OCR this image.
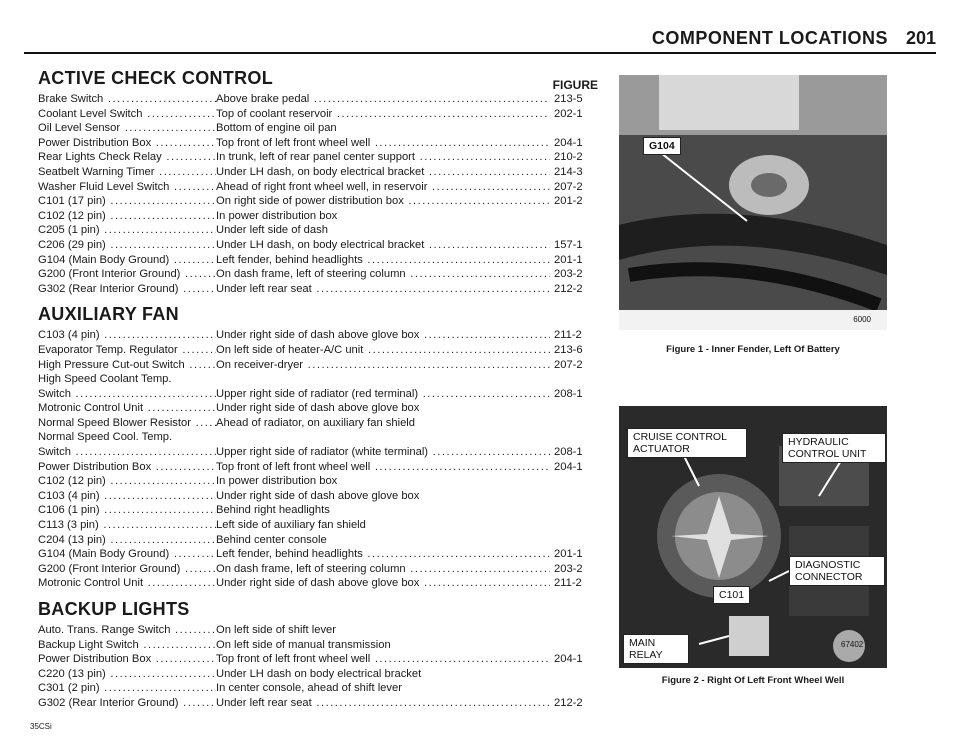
COMPONENT LOCATIONS 201
FIGURE
ACTIVE CHECK CONTROL
Brake Switch .....	Above brake pedal .....	213-5
Coolant Level Switch .....	Top of coolant reservoir .....	202-1
Oil Level Sensor .....	Bottom of engine oil pan
Power Distribution Box .....	Top front of left front wheel well .....	204-1
Rear Lights Check Relay .....	In trunk, left of rear panel center support .....	210-2
Seatbelt Warning Timer .....	Under LH dash, on body electrical bracket .....	214-3
Washer Fluid Level Switch .....	Ahead of right front wheel well, in reservoir .....	207-2
C101 (17 pin) .....	On right side of power distribution box .....	201-2
C102 (12 pin) .....	In power distribution box
C205 (1 pin) .....	Under left side of dash
C206 (29 pin) .....	Under LH dash, on body electrical bracket .....	157-1
G104 (Main Body Ground) .....	Left fender, behind headlights .....	201-1
G200 (Front Interior Ground) .....	On dash frame, left of steering column .....	203-2
G302 (Rear Interior Ground) .....	Under left rear seat .....	212-2
AUXILIARY FAN
C103 (4 pin) .....	Under right side of dash above glove box .....	211-2
Evaporator Temp. Regulator .....	On left side of heater-A/C unit .....	213-6
High Pressure Cut-out Switch .....	On receiver-dryer .....	207-2
High Speed Coolant Temp.
Switch .....	Upper right side of radiator (red terminal) .....	208-1
Motronic Control Unit .....	Under right side of dash above glove box
Normal Speed Blower Resistor .....	Ahead of radiator, on auxiliary fan shield
Normal Speed Cool. Temp.
Switch .....	Upper right side of radiator (white terminal) .....	208-1
Power Distribution Box .....	Top front of left front wheel well .....	204-1
C102 (12 pin) .....	In power distribution box
C103 (4 pin) .....	Under right side of dash above glove box
C106 (1 pin) .....	Behind right headlights
C113 (3 pin) .....	Left side of auxiliary fan shield
C204 (13 pin) .....	Behind center console
G104 (Main Body Ground) .....	Left fender, behind headlights .....	201-1
G200 (Front Interior Ground) .....	On dash frame, left of steering column .....	203-2
Motronic Control Unit .....	Under right side of dash above glove box .....	211-2
BACKUP LIGHTS
Auto. Trans. Range Switch .....	On left side of shift lever
Backup Light Switch .....	On left side of manual transmission
Power Distribution Box .....	Top front of left front wheel well .....	204-1
C220 (13 pin) .....	Under LH dash on body electrical bracket
C301 (2 pin) .....	In center console, ahead of shift lever
G302 (Rear Interior Ground) .....	Under left rear seat .....	212-2
G104
6000
Figure 1 - Inner Fender, Left Of Battery
CRUISE CONTROL ACTUATOR
HYDRAULIC CONTROL UNIT
DIAGNOSTIC CONNECTOR
C101
MAIN RELAY
67402
Figure 2 - Right Of Left Front Wheel Well
35CSi
